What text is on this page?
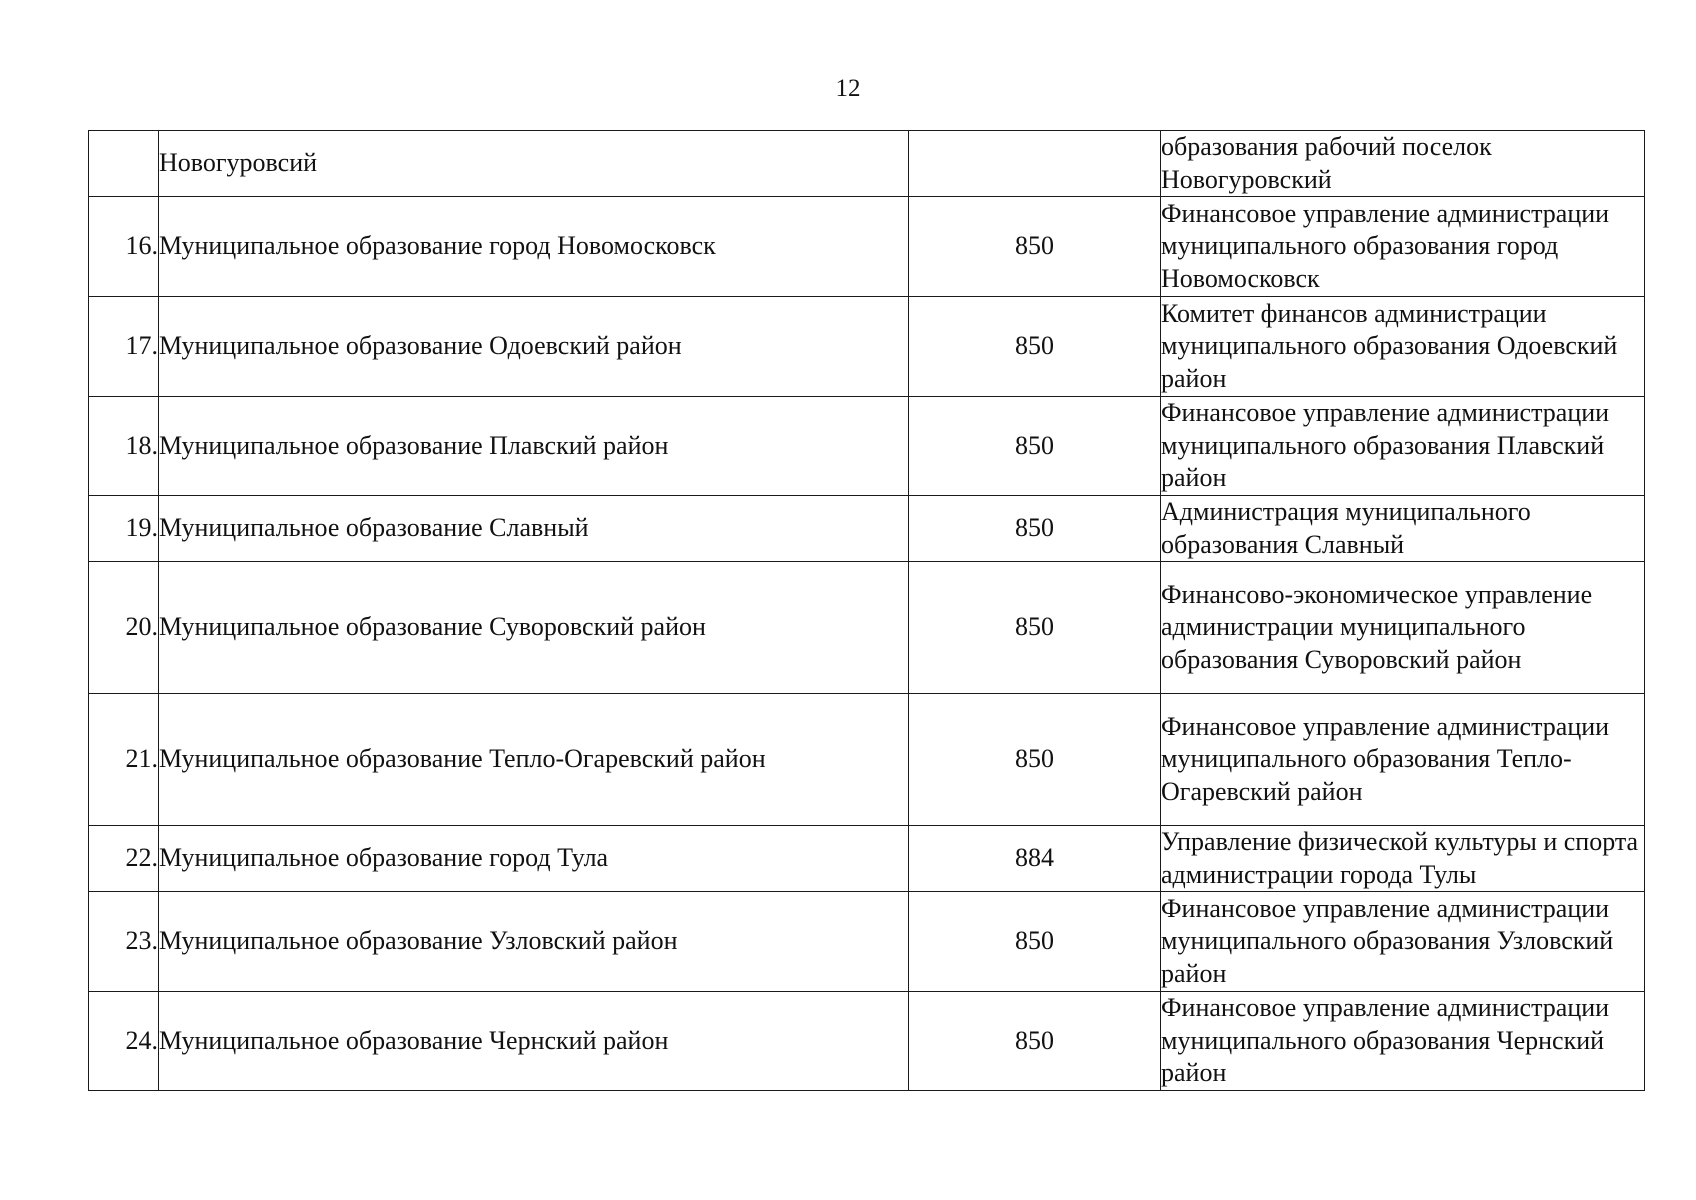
12
	Новогуровсий		образования рабочий поселок Новогуровский
16.	Муниципальное образование город Новомосковск	850	Финансовое управление администрации муниципального образования город Новомосковск
17.	Муниципальное образование Одоевский район	850	Комитет финансов администрации муниципального образования Одоевский район
18.	Муниципальное образование Плавский район	850	Финансовое управление администрации муниципального образования Плавский район
19.	Муниципальное образование Славный	850	Администрация муниципального образования Славный
20.	Муниципальное образование Суворовский район	850	Финансово-экономическое управление администрации муниципального образования Суворовский район
21.	Муниципальное образование Тепло-Огаревский район	850	Финансовое управление администрации муниципального образования Тепло-Огаревский район
22.	Муниципальное образование город Тула	884	Управление физической культуры и спорта администрации города Тулы
23.	Муниципальное образование Узловский район	850	Финансовое управление администрации муниципального образования Узловский район
24.	Муниципальное образование Чернский район	850	Финансовое управление администрации муниципального образования Чернский район
